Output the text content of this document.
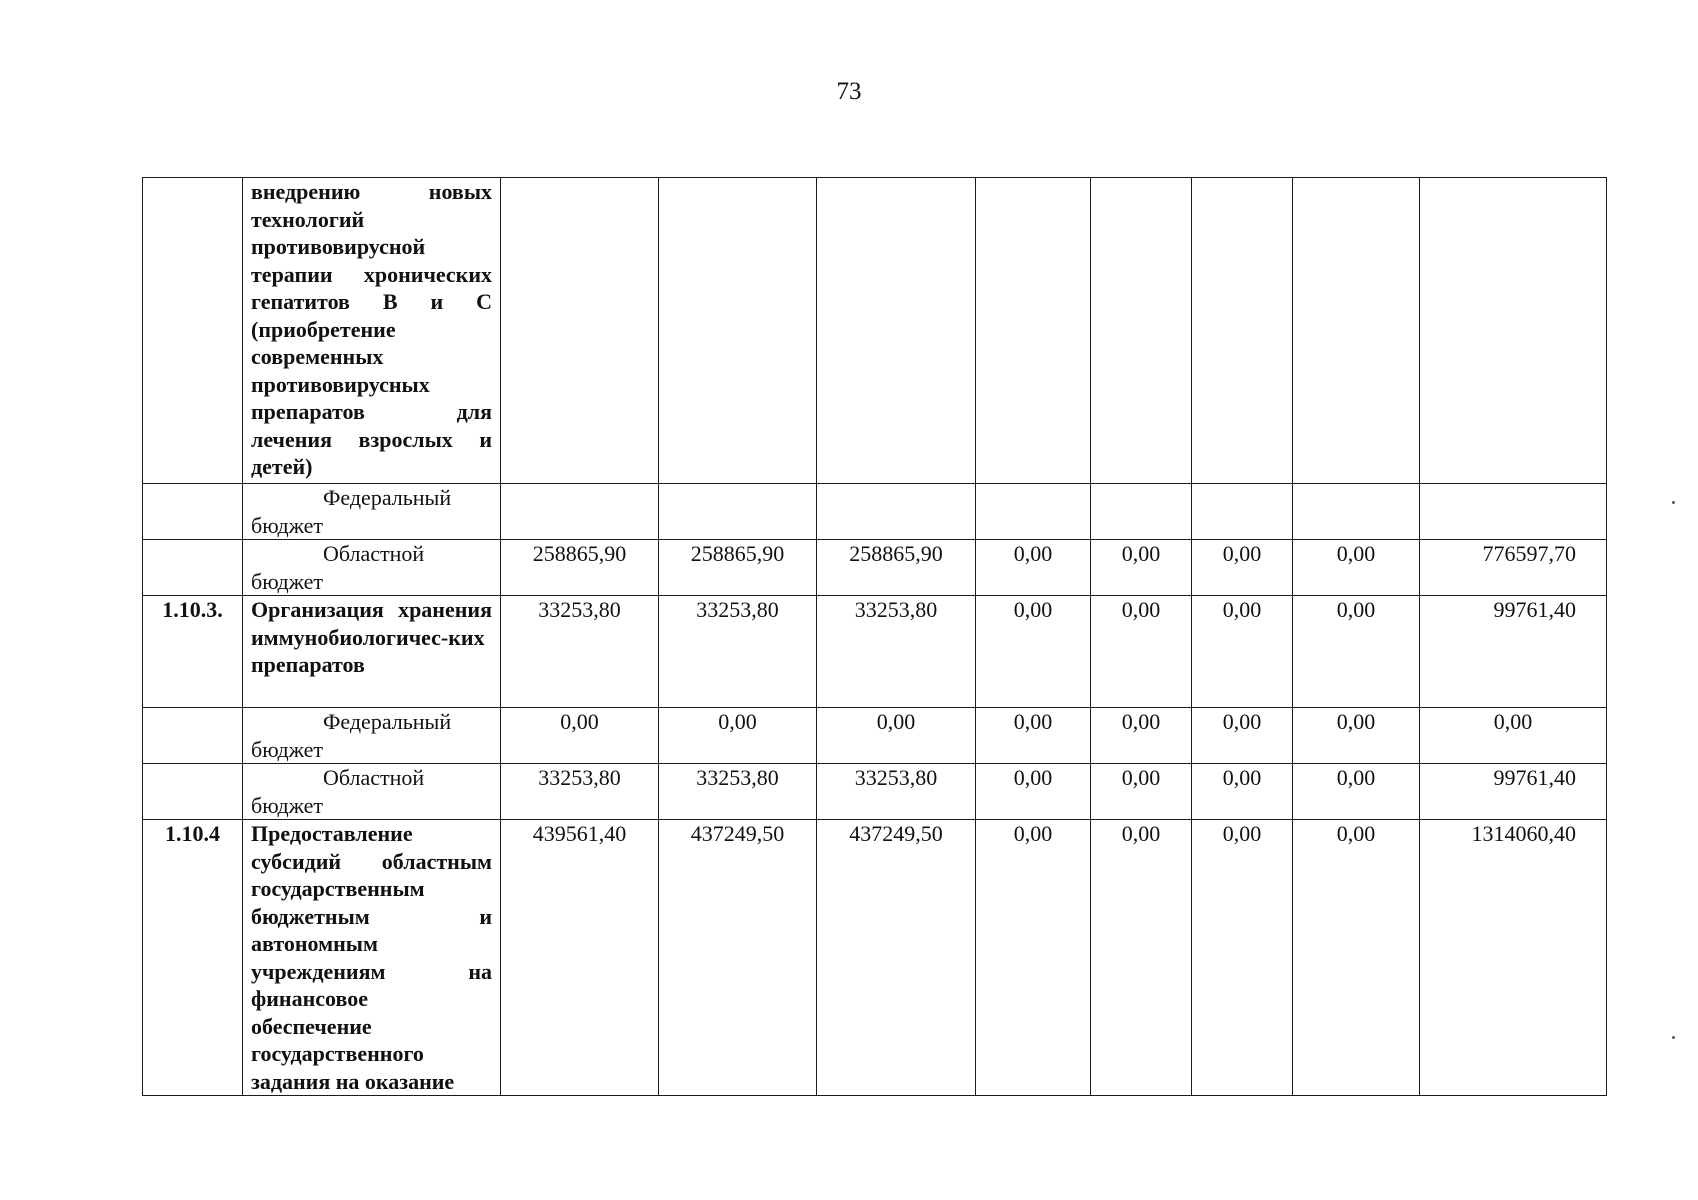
73
	внедрению новых технологий противовирусной терапии хронических гепатитов В и С (приобретение современных противовирусных препаратов для лечения взрослых и детей)								
	Федеральный бюджет								
	Областной бюджет	258865,90	258865,90	258865,90	0,00	0,00	0,00	0,00	776597,70
1.10.3.	Организация хранения иммунобиологичес-ких препаратов	33253,80	33253,80	33253,80	0,00	0,00	0,00	0,00	99761,40
	Федеральный бюджет	0,00	0,00	0,00	0,00	0,00	0,00	0,00	0,00
	Областной бюджет	33253,80	33253,80	33253,80	0,00	0,00	0,00	0,00	99761,40
1.10.4	Предоставление субсидий областным государственным бюджетным и автономным учреждениям на финансовое обеспечение государственного задания на оказание	439561,40	437249,50	437249,50	0,00	0,00	0,00	0,00	1314060,40
